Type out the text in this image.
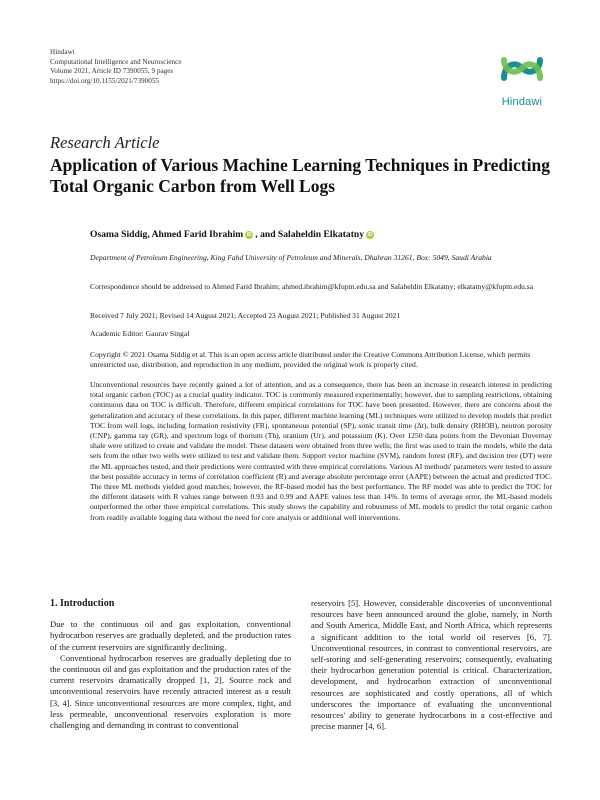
Hindawi
Computational Intelligence and Neuroscience
Volume 2021, Article ID 7390055, 9 pages
https://doi.org/10.1155/2021/7390055
Hindawi
Research Article
Application of Various Machine Learning Techniques in Predicting Total Organic Carbon from Well Logs
Osama Siddig, Ahmed Farid Ibrahim iD , and Salaheldin Elkatatny iD
Department of Petroleum Engineering, King Fahd University of Petroleum and Minerals, Dhahran 31261, Box: 5049, Saudi Arabia
Correspondence should be addressed to Ahmed Farid Ibrahim; ahmed.ibrahim@kfupm.edu.sa and Salaheldin Elkatatny; elkatatny@kfupm.edu.sa
Received 7 July 2021; Revised 14 August 2021; Accepted 23 August 2021; Published 31 August 2021
Academic Editor: Gaurav Singal

Copyright © 2021 Osama Siddig et al. This is an open access article distributed under the Creative Commons Attribution License, which permits unrestricted use, distribution, and reproduction in any medium, provided the original work is properly cited.

Unconventional resources have recently gained a lot of attention, and as a consequence, there has been an increase in research interest in predicting total organic carbon (TOC) as a crucial quality indicator. TOC is commonly measured experimentally; however, due to sampling restrictions, obtaining continuous data on TOC is difficult. Therefore, different empirical correlations for TOC have been presented. However, there are concerns about the generalization and accuracy of these correlations. In this paper, different machine learning (ML) techniques were utilized to develop models that predict TOC from well logs, including formation resistivity (FR), spontaneous potential (SP), sonic transit time (Δt), bulk density (RHOB), neutron porosity (CNP), gamma ray (GR), and spectrum logs of thorium (Th), uranium (Ur), and potassium (K). Over 1250 data points from the Devonian Duvernay shale were utilized to create and validate the model. These datasets were obtained from three wells; the first was used to train the models, while the data sets from the other two wells were utilized to test and validate them. Support vector machine (SVM), random forest (RF), and decision tree (DT) were the ML approaches tested, and their predictions were contrasted with three empirical correlations. Various AI methods' parameters were tested to assure the best possible accuracy in terms of correlation coefficient (R) and average absolute percentage error (AAPE) between the actual and predicted TOC. The three ML methods yielded good matches; however, the RF-based model has the best performance. The RF model was able to predict the TOC for the different datasets with R values range between 0.93 and 0.99 and AAPE values less than 14%. In terms of average error, the ML-based models outperformed the other three empirical correlations. This study shows the capability and robustness of ML models to predict the total organic carbon from readily available logging data without the need for core analysis or additional well interventions.

1. Introduction

Due to the continuous oil and gas exploitation, conventional hydrocarbon reserves are gradually depleted, and the production rates of the current reservoirs are significantly declining.

Conventional hydrocarbon reserves are gradually depleting due to the continuous oil and gas exploitation and the production rates of the current reservoirs dramatically dropped [1, 2]. Source rock and unconventional reservoirs have recently attracted interest as a result [3, 4]. Since unconventional resources are more complex, tight, and less permeable, unconventional reservoirs exploration is more challenging and demanding in contrast to conventional

reservoirs [5]. However, considerable discoveries of unconventional resources have been announced around the globe, namely, in North and South America, Middle East, and North Africa, which represents a significant addition to the total world oil reserves [6, 7]. Unconventional resources, in contrast to conventional reservoirs, are self-storing and self-generating reservoirs; consequently, evaluating their hydrocarbon generation potential is critical. Characterization, development, and hydrocarbon extraction of unconventional resources are sophisticated and costly operations, all of which underscores the importance of evaluating the unconventional resources' ability to generate hydrocarbons in a cost-effective and precise manner [4, 6].
